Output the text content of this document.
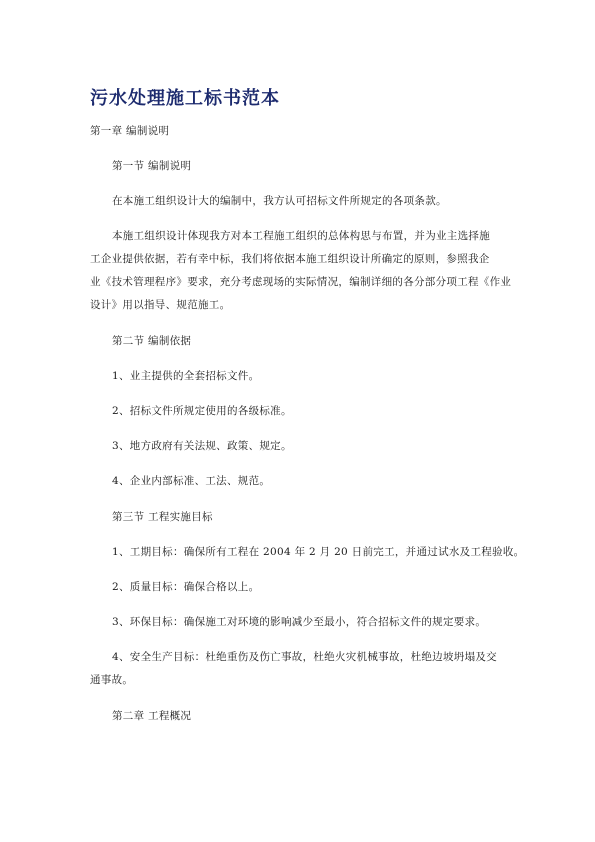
污水处理施工标书范本
第一章 编制说明
第一节 编制说明
在本施工组织设计大的编制中，我方认可招标文件所规定的各项条款。
本施工组织设计体现我方对本工程施工组织的总体构思与布置，并为业主选择施
工企业提供依据，若有幸中标，我们将依据本施工组织设计所确定的原则，参照我企
业《技术管理程序》要求，充分考虑现场的实际情况，编制详细的各分部分项工程《作业
设计》用以指导、规范施工。
第二节 编制依据
1、业主提供的全套招标文件。
2、招标文件所规定使用的各级标准。
3、地方政府有关法规、政策、规定。
4、企业内部标准、工法、规范。
第三节 工程实施目标
1、工期目标：确保所有工程在 2004 年 2 月 20 日前完工，并通过试水及工程验收。
2、质量目标：确保合格以上。
3、环保目标：确保施工对环境的影响减少至最小，符合招标文件的规定要求。
4、安全生产目标：杜绝重伤及伤亡事故，杜绝火灾机械事故，杜绝边坡坍塌及交
通事故。
第二章 工程概况
